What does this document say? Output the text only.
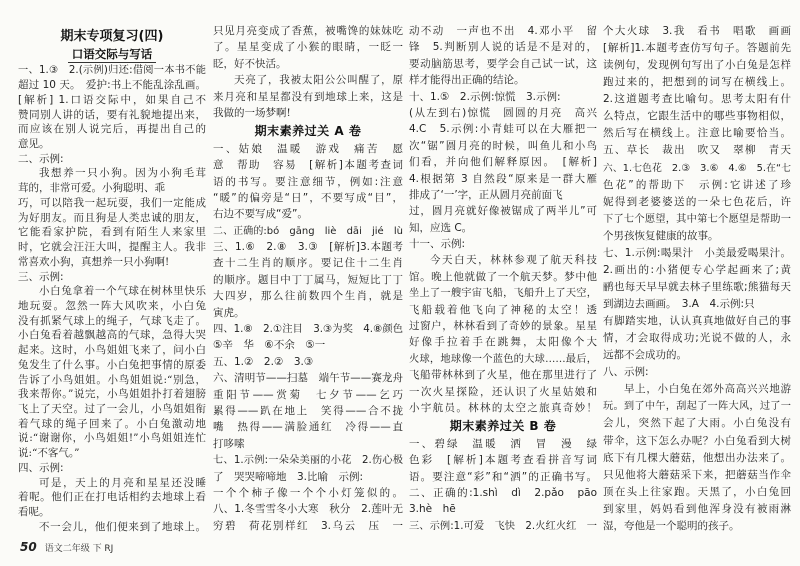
期末专项复习(四)
口语交际与写话
一、1.③　2.(示例)归还:借阅一本书不能
超过 10 天。　爱护:书上不能乱涂乱画。
[解析] 1.口语交际中，如果自己不
赞同别人讲的话，要有礼貌地提出来，
而应该在别人说完后，再提出自己的
意见。
二、示例:
我想养一只小狗。因为小狗毛茸
茸的，非常可爱。小狗聪明、乖
巧，可以陪我一起玩耍，我们一定能成
为好朋友。而且狗是人类忠诚的朋友，
它能看家护院，看到有陌生人来家里
时，它就会汪汪大叫，提醒主人。我非
常喜欢小狗，真想养一只小狗啊!
三、示例:
小白兔拿着一个气球在树林里快乐
地玩耍。忽然一阵大风吹来，小白兔
没有抓紧气球上的绳子，气球飞走了。
小白兔看着越飘越高的气球，急得大哭
起来。这时，小鸟姐姐飞来了，问小白
兔发生了什么事。小白兔把事情的原委
告诉了小鸟姐姐。小鸟姐姐说:“别急，
我来帮你。”说完，小鸟姐姐扑打着翅膀
飞上了天空。过了一会儿，小鸟姐姐衔
着气球的绳子回来了。小白兔激动地
说:“谢谢你，小鸟姐姐!”小鸟姐姐连忙
说:“不客气。”
四、示例:
可是，天上的月亮和星星还没睡
着呢。他们正在打电话相约去地球上看
看呢。
不一会儿，他们便来到了地球上。
只见月亮变成了香蕉，被嘴馋的妹妹吃
了。星星变成了小猴的眼睛，一眨一
眨，好不快活。
天亮了，我被太阳公公叫醒了，原
来月亮和星星都没有到地球上来，这是
我做的一场梦啊!
期末素养过关 A 卷
一、姑娘　温暖　游戏　痛苦　愿
意　帮助　容易　[解析]本题考查词
语的书写。要注意细节，例如:注意
“暖”的偏旁是“日”，不要写成“目”，
右边不要写成“爱”。
二、正确的:bó　gāng　liè　dāi　jié　lù
三、1.⑥　2.⑧　3.③　[解析]3.本题考
查十二生肖的顺序。要记住十二生肖
的顺序。题目中丁丁属马，短短比丁丁
大四岁，那么往前数四个生肖，就是
寅虎。
四、1.⑧　2.①注目　3.③为奖　4.⑧颜色
⑤辛　华　⑥不余　⑤一
五、1.②　2.②　3.③
六、清明节——扫墓　端午节——赛龙舟
重阳节——赏菊　七夕节——乞巧
累得——趴在地上　笑得——合不拢
嘴　热得——满脸通红　冷得——直
打哆嗦
七、1.示例:一朵朵美丽的小花　2.伤心极
了　哭哭啼啼地　3.比喻　示例:
一个个柿子像一个个小灯笼似的。
八、1.冬雪雪冬小大寒　秋分　2.莲叶无
穷碧　荷花别样红　3.乌云　压　一
动不动　一声也不出　4.邓小平　留
锋　5.判断别人说的话是不是对的，
要动脑筋思考，要学会自己试一试，这
样才能得出正确的结论。
十、1.⑤　2.示例:惊慌　3.示例:
(从左到右)惊慌　圆圆的月亮　高兴
4.C　5.示例:小青蛙可以在大雁把一
次“锯”圆月亮的时候，叫鱼儿和小鸟
们看，并向他们解释原因。　[解析]
4.根据第 3 自然段“原来是一群大雁
排成了‘一’字，正从圆月亮前面飞
过，圆月亮就好像被锯成了两半儿”可
知，应选 C。
十一、示例:
今天白天，林林参观了航天科技
馆。晚上他就做了一个航天梦。梦中他
坐上了一艘宇宙飞船，飞船升上了天空，
飞船载着他飞向了神秘的太空！透
过窗户，林林看到了奇妙的景象。星星
好像手拉着手在跳舞，太阳像个大
火球，地球像一个蓝色的大球……最后，
飞船带林林到了火星，他在那里进行了
一次火星探险，还认识了火星姑娘和
小宇航员。林林的太空之旅真奇妙！
期末素养过关 B 卷
一、碧绿　温暖　洒　冒　漫　绿
色彩　[解析]本题考查看拼音写词
语。要注意“彩”和“洒”的正确书写。
二、正确的:1.shì　dì　2.pǎo　pāo
3.hè　hē
三、示例:1.可爱　飞快　2.火红火红　一
个大火球　3.我　看书　唱歌　画画
[解析]1.本题考查仿写句子。答题前先
读例句，发现例句写出了小白兔是怎样
跑过来的，把想到的词写在横线上。
2.这道题考查比喻句。思考太阳有什
么特点，它跟生活中的哪些事物相似，
然后写在横线上。注意比喻要恰当。
五、草长　裁出　吹又　翠柳　青天
六、1.七色花　2.③　3.⑥　4.⑥　5.在“七
色花”的帮助下　示例:它讲述了珍
妮得到老婆婆送的一朵七色花后，许
下了七个愿望，其中第七个愿望是帮助一
个男孩恢复健康的故事。
七、1.示例:喝果汁　小美最爱喝果汁。
2.画出的:小猪便专心学起画来了;黄
鹂也每天早早就去林子里练歌;熊猫每天
到湖边去画画。　3.A　4.示例:只
有脚踏实地，认认真真地做好自己的事
情，才会取得成功;光说不做的人，永
远都不会成功的。
八、示例:
早上，小白兔在郊外高高兴兴地游
玩。到了中午，刮起了一阵大风，过了一
会儿，突然下起了大雨。小白兔没有
带伞，这下怎么办呢？小白兔看到大树
底下有几棵大蘑菇，他想出办法来了。
只见他将大蘑菇采下来，把蘑菇当作伞
顶在头上往家跑。天黑了，小白兔回
到家里，妈妈看到他浑身没有被雨淋
湿，夸他是一个聪明的孩子。
50 语文二年级 下 RJ
